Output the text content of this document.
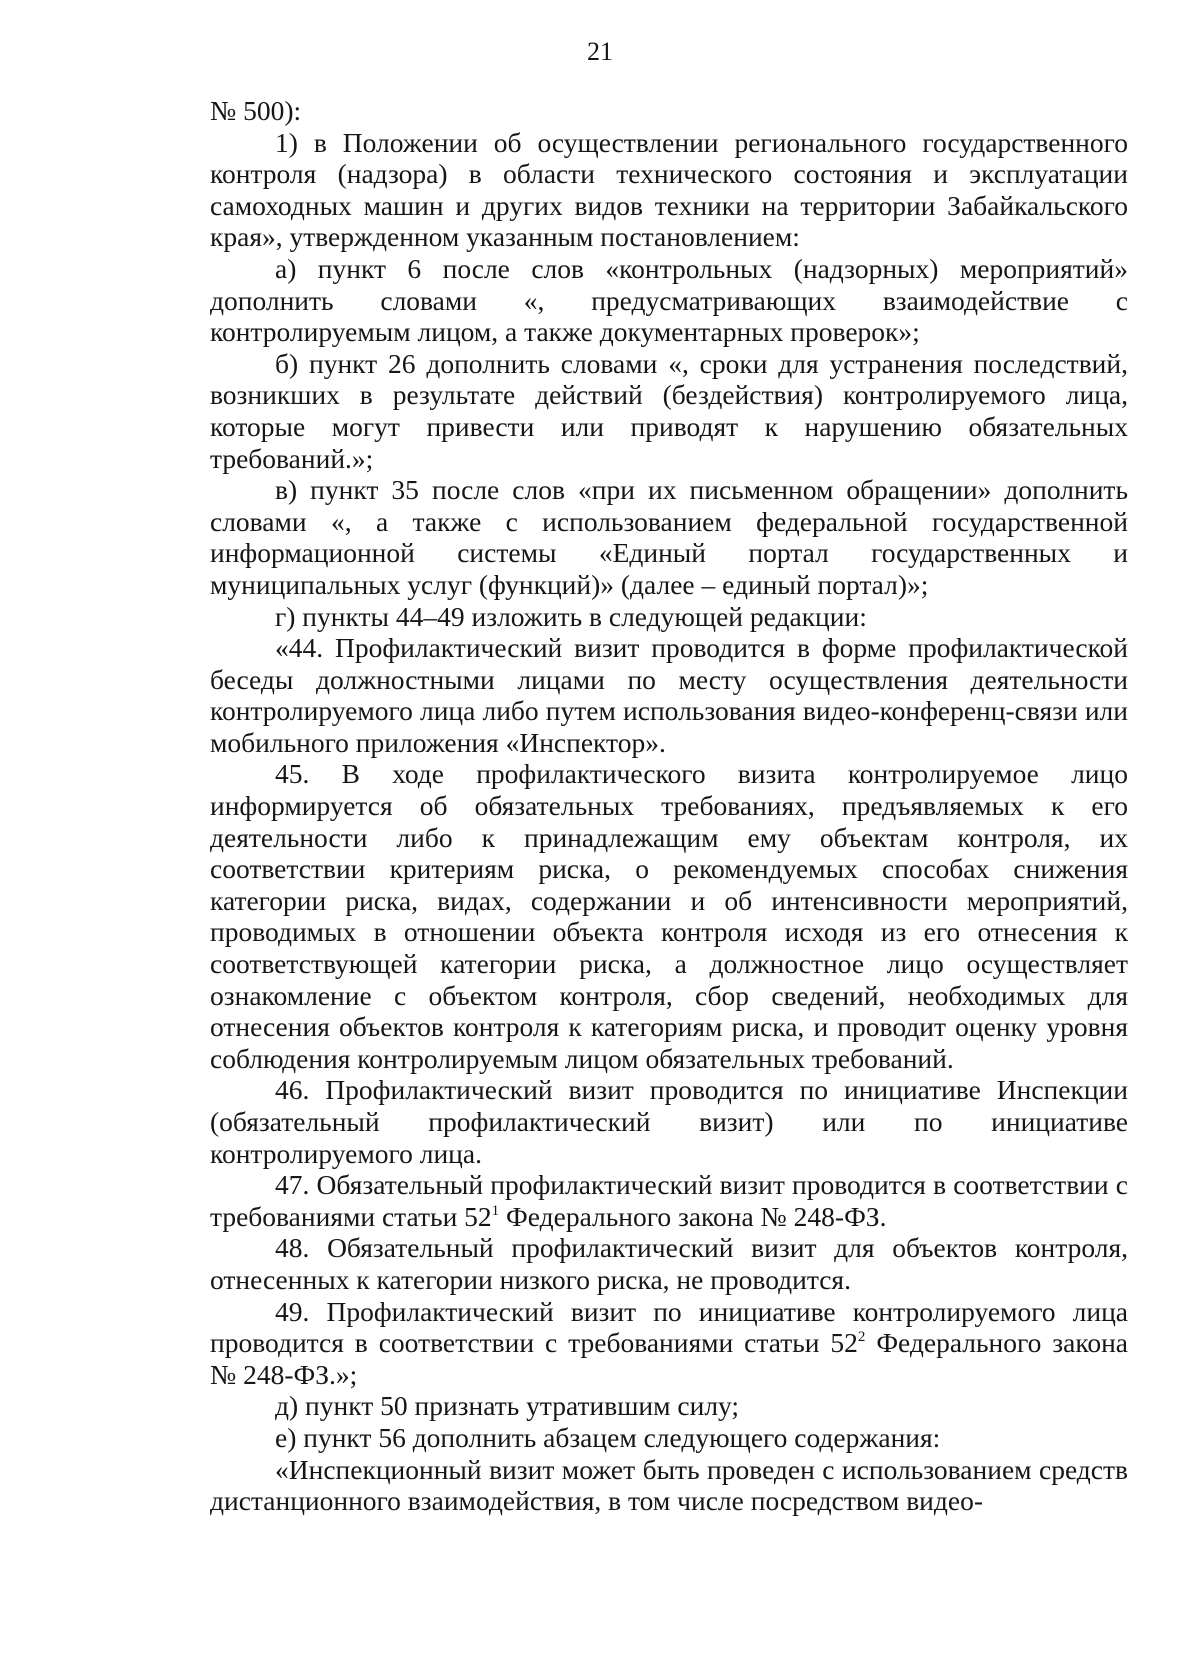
21

№ 500):

1) в Положении об осуществлении регионального государственного контроля (надзора) в области технического состояния и эксплуатации самоходных машин и других видов техники на территории Забайкальского края», утвержденном указанным постановлением:

а) пункт 6 после слов «контрольных (надзорных) мероприятий» дополнить словами «, предусматривающих взаимодействие с контролируемым лицом, а также документарных проверок»;

б) пункт 26 дополнить словами «, сроки для устранения последствий, возникших в результате действий (бездействия) контролируемого лица, которые могут привести или приводят к нарушению обязательных требований.»;

в) пункт 35 после слов «при их письменном обращении» дополнить словами «, а также с использованием федеральной государственной информационной системы «Единый портал государственных и муниципальных услуг (функций)» (далее – единый портал)»;

г) пункты 44–49 изложить в следующей редакции:

«44. Профилактический визит проводится в форме профилактической беседы должностными лицами по месту осуществления деятельности контролируемого лица либо путем использования видео-конференц-связи или мобильного приложения «Инспектор».

45. В ходе профилактического визита контролируемое лицо информируется об обязательных требованиях, предъявляемых к его деятельности либо к принадлежащим ему объектам контроля, их соответствии критериям риска, о рекомендуемых способах снижения категории риска, видах, содержании и об интенсивности мероприятий, проводимых в отношении объекта контроля исходя из его отнесения к соответствующей категории риска, а должностное лицо осуществляет ознакомление с объектом контроля, сбор сведений, необходимых для отнесения объектов контроля к категориям риска, и проводит оценку уровня соблюдения контролируемым лицом обязательных требований.

46. Профилактический визит проводится по инициативе Инспекции (обязательный профилактический визит) или по инициативе контролируемого лица.

47. Обязательный профилактический визит проводится в соответствии с требованиями статьи $52^1$ Федерального закона № 248-ФЗ.

48. Обязательный профилактический визит для объектов контроля, отнесенных к категории низкого риска, не проводится.

49. Профилактический визит по инициативе контролируемого лица проводится в соответствии с требованиями статьи $52^2$ Федерального закона № 248-ФЗ.»;

д) пункт 50 признать утратившим силу;

е) пункт 56 дополнить абзацем следующего содержания:

«Инспекционный визит может быть проведен с использованием средств дистанционного взаимодействия, в том числе посредством видео-
